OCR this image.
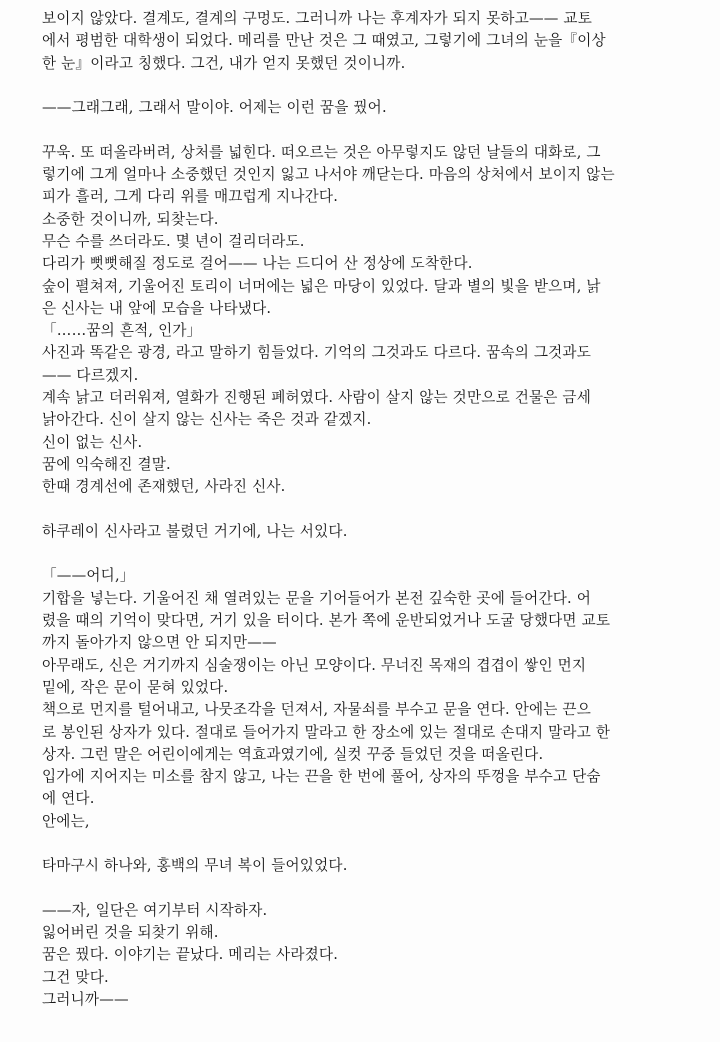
보이지 않았다. 결계도, 결계의 구멍도. 그러니까 나는 후계자가 되지 못하고—— 교토
에서 평범한 대학생이 되었다. 메리를 만난 것은 그 때였고, 그렇기에 그녀의 눈을『이상
한 눈』이라고 칭했다. 그건, 내가 얻지 못했던 것이니까.
——그래그래, 그래서 말이야. 어제는 이런 꿈을 꿨어.
꾸욱. 또 떠올라버려, 상처를 넓힌다. 떠오르는 것은 아무렇지도 않던 날들의 대화로, 그
렇기에 그게 얼마나 소중했던 것인지 잃고 나서야 깨닫는다. 마음의 상처에서 보이지 않는
피가 흘러, 그게 다리 위를 매끄럽게 지나간다.
소중한 것이니까, 되찾는다.
무슨 수를 쓰더라도. 몇 년이 걸리더라도.
다리가 뻣뻣해질 정도로 걸어—— 나는 드디어 산 정상에 도착한다.
숲이 펼쳐져, 기울어진 토리이 너머에는 넓은 마당이 있었다. 달과 별의 빛을 받으며, 낡
은 신사는 내 앞에 모습을 나타냈다.
「……꿈의 흔적, 인가」
사진과 똑같은 광경, 라고 말하기 힘들었다. 기억의 그것과도 다르다. 꿈속의 그것과도
—— 다르겠지.
계속 낡고 더러워져, 열화가 진행된 폐허였다. 사람이 살지 않는 것만으로 건물은 금세
낡아간다. 신이 살지 않는 신사는 죽은 것과 같겠지.
신이 없는 신사.
꿈에 익숙해진 결말.
한때 경계선에 존재했던, 사라진 신사.
하쿠레이 신사라고 불렸던 거기에, 나는 서있다.
「——어디,」
기합을 넣는다. 기울어진 채 열려있는 문을 기어들어가 본전 깊숙한 곳에 들어간다. 어
렸을 때의 기억이 맞다면, 거기 있을 터이다. 본가 쪽에 운반되었거나 도굴 당했다면 교토
까지 돌아가지 않으면 안 되지만——
아무래도, 신은 거기까지 심술쟁이는 아닌 모양이다. 무너진 목재의 겹겹이 쌓인 먼지
밑에, 작은 문이 묻혀 있었다.
책으로 먼지를 털어내고, 나뭇조각을 던져서, 자물쇠를 부수고 문을 연다. 안에는 끈으
로 봉인된 상자가 있다. 절대로 들어가지 말라고 한 장소에 있는 절대로 손대지 말라고 한
상자. 그런 말은 어린이에게는 역효과였기에, 실컷 꾸중 들었던 것을 떠올린다.
입가에 지어지는 미소를 참지 않고, 나는 끈을 한 번에 풀어, 상자의 뚜껑을 부수고 단숨
에 연다.
안에는,
타마구시 하나와, 홍백의 무녀 복이 들어있었다.
——자, 일단은 여기부터 시작하자.
잃어버린 것을 되찾기 위해.
꿈은 꿨다. 이야기는 끝났다. 메리는 사라졌다.
그건 맞다.
그러니까——
